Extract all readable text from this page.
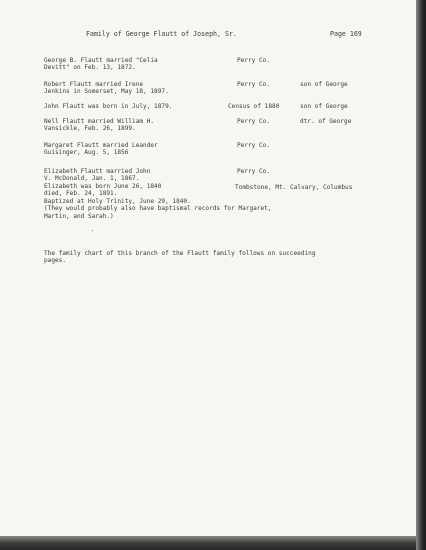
Family of George Flautt of Joseph, Sr.	Page 169
George B. Flautt married "Celia
Devitt" on Feb. 13, 1872.
Perry Co.
Robert Flautt married Irene
Jenkins in Somerset, May 18, 1897.
Perry Co.	son of George
John Flautt was born in July, 1879.	Census of 1880	son of George
Nell Flautt married William H.
Vansickle, Feb. 26, 1899.
Perry Co.	dtr. of George
Margaret Flautt married Leander
Guisinger, Aug. 5, 1856
Perry Co.
Elizabeth Flautt married John
V. McDonald, Jan. 1, 1867.
Perry Co.
Elizabeth was born June 26, 1840	Tombstone, Mt. Calvary, Columbus
died, Feb. 24, 1891.
Baptized at Holy Trinity, June 29, 1840.
(They would probably also have baptismal records for Margaret,
Martin, and Sarah.)
The family chart of this branch of the Flautt family follows on succeeding
pages.
